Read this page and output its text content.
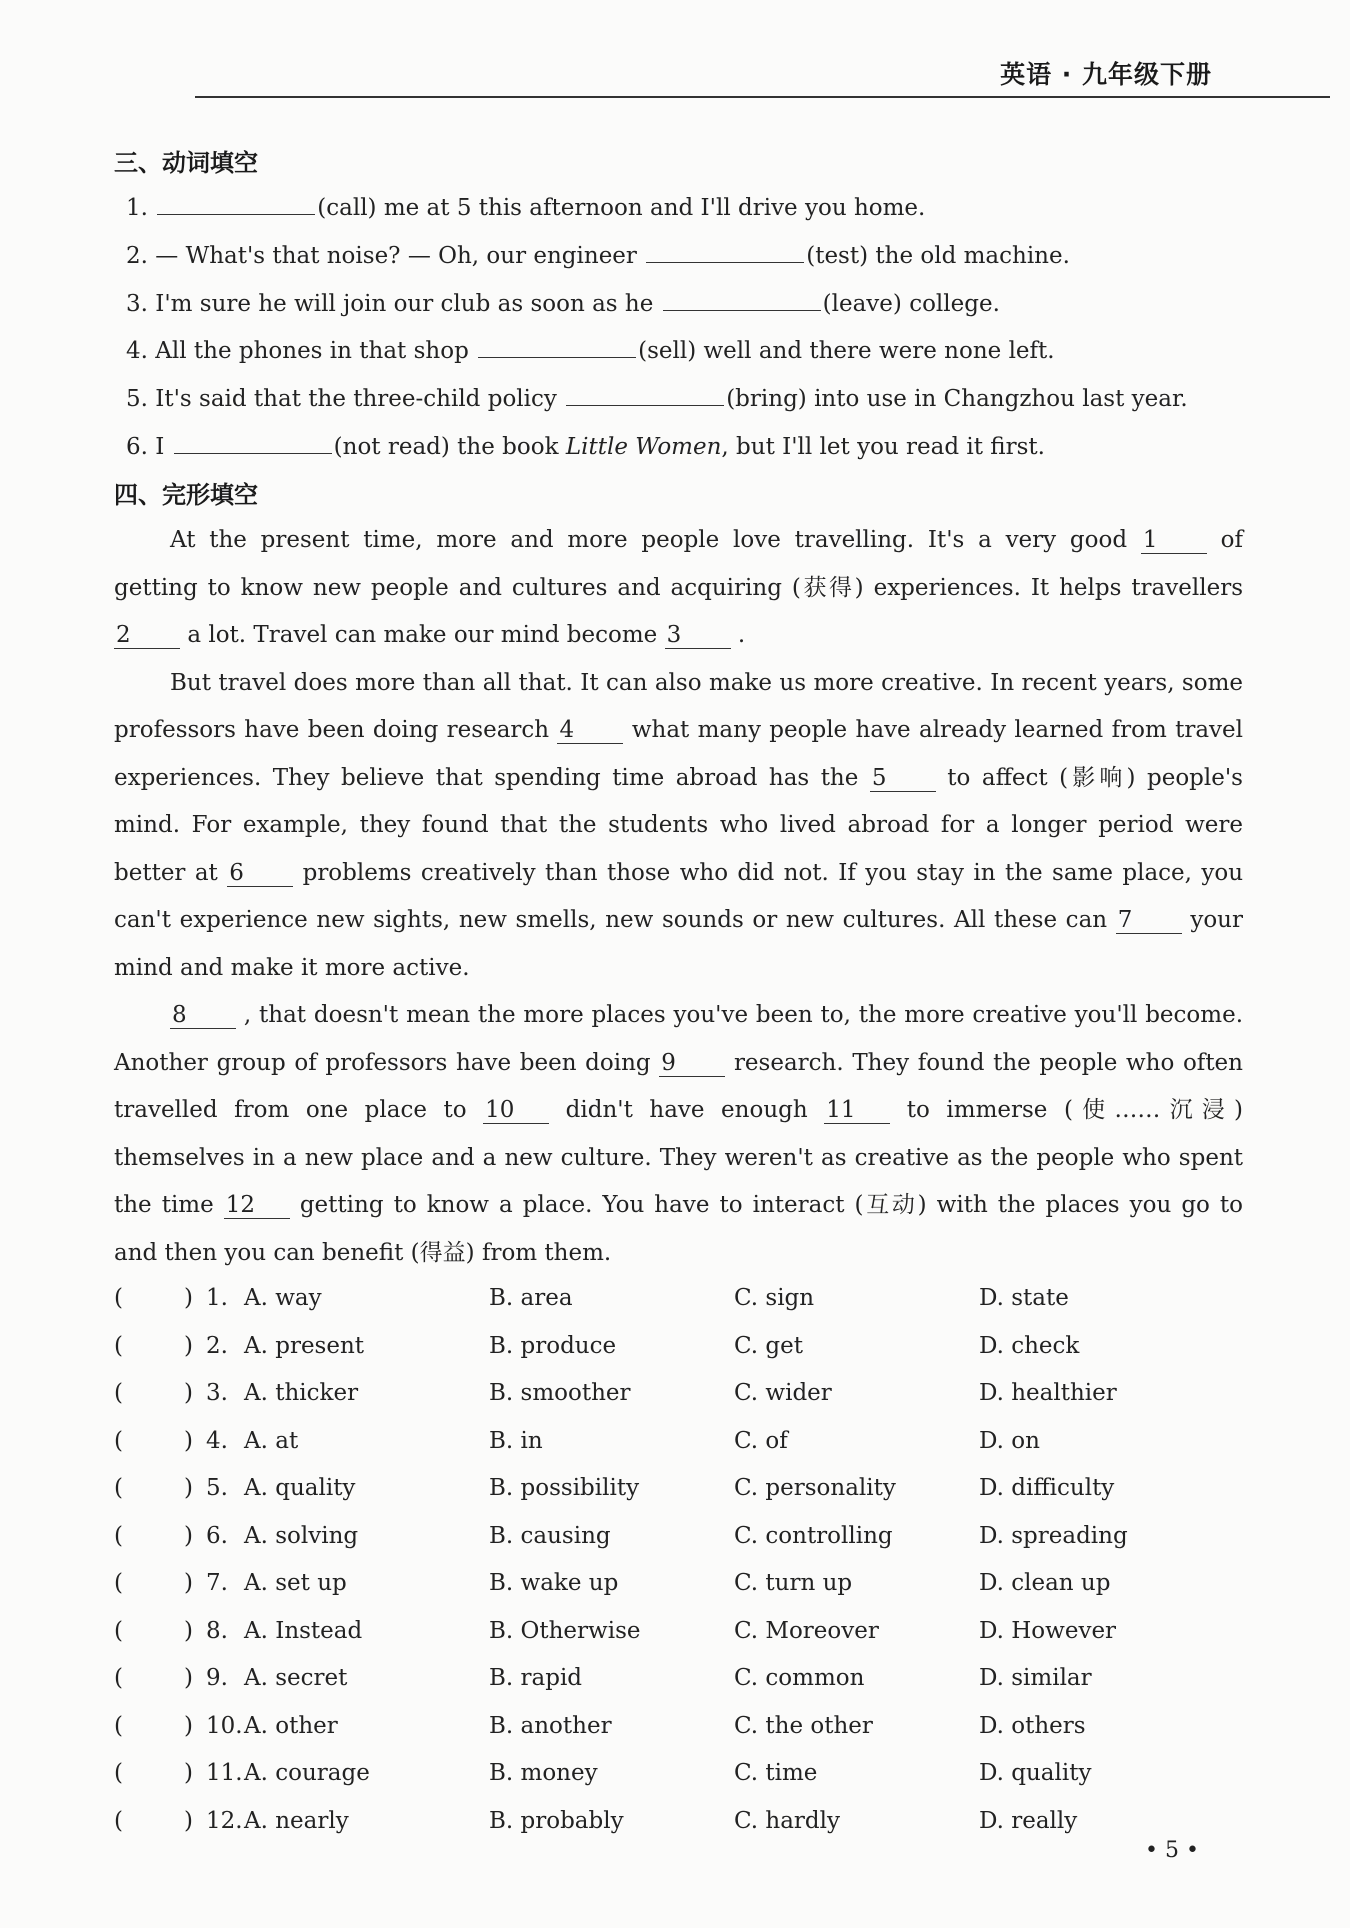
英语 · 九年级下册
三、动词填空
1.	(call) me at 5 this afternoon and I'll drive you home.
2. — What's that noise? — Oh, our engineer	(test) the old machine.
3. I'm sure he will join our club as soon as he	(leave) college.
4. All the phones in that shop	(sell) well and there were none left.
5. It's said that the three-child policy	(bring) into use in Changzhou last year.
6. I	(not read) the book Little Women, but I'll let you read it first.
四、完形填空
At the present time, more and more people love travelling. It's a very good 1	of
getting to know new people and cultures and acquiring (获得) experiences. It helps travellers
2 a lot. Travel can make our mind become 3 .
But travel does more than all that. It can also make us more creative. In recent years, some
professors have been doing research 4	what many people have already learned from travel
experiences. They believe that spending time abroad has the 5	to affect (影响) people's
mind. For example, they found that the students who lived abroad for a longer period were
better at 6	problems creatively than those who did not. If you stay in the same place, you
can't experience new sights, new smells, new sounds or new cultures. All these can 7	your
mind and make it more active.
8 , that doesn't mean the more places you've been to, the more creative you'll become.
Another group of professors have been doing 9	research. They found the people who often
travelled from one place to 10 didn't have enough 11 to immerse (使……沉浸)
themselves in a new place and a new culture. They weren't as creative as the people who spent
the time 12 getting to know a place. You have to interact (互动) with the places you go to
and then you can benefit (得益) from them.
(	) 1. A. way	B. area	C. sign	D. state
(	) 2. A. present	B. produce	C. get	D. check
(	) 3. A. thicker	B. smoother	C. wider	D. healthier
(	) 4. A. at	B. in	C. of	D. on
(	) 5. A. quality	B. possibility	C. personality	D. difficulty
(	) 6. A. solving	B. causing	C. controlling	D. spreading
(	) 7. A. set up	B. wake up	C. turn up	D. clean up
(	) 8. A. Instead	B. Otherwise	C. Moreover	D. However
(	) 9. A. secret	B. rapid	C. common	D. similar
(	) 10. A. other	B. another	C. the other	D. others
(	) 11. A. courage	B. money	C. time	D. quality
(	) 12. A. nearly	B. probably	C. hardly	D. really
• 5 •
